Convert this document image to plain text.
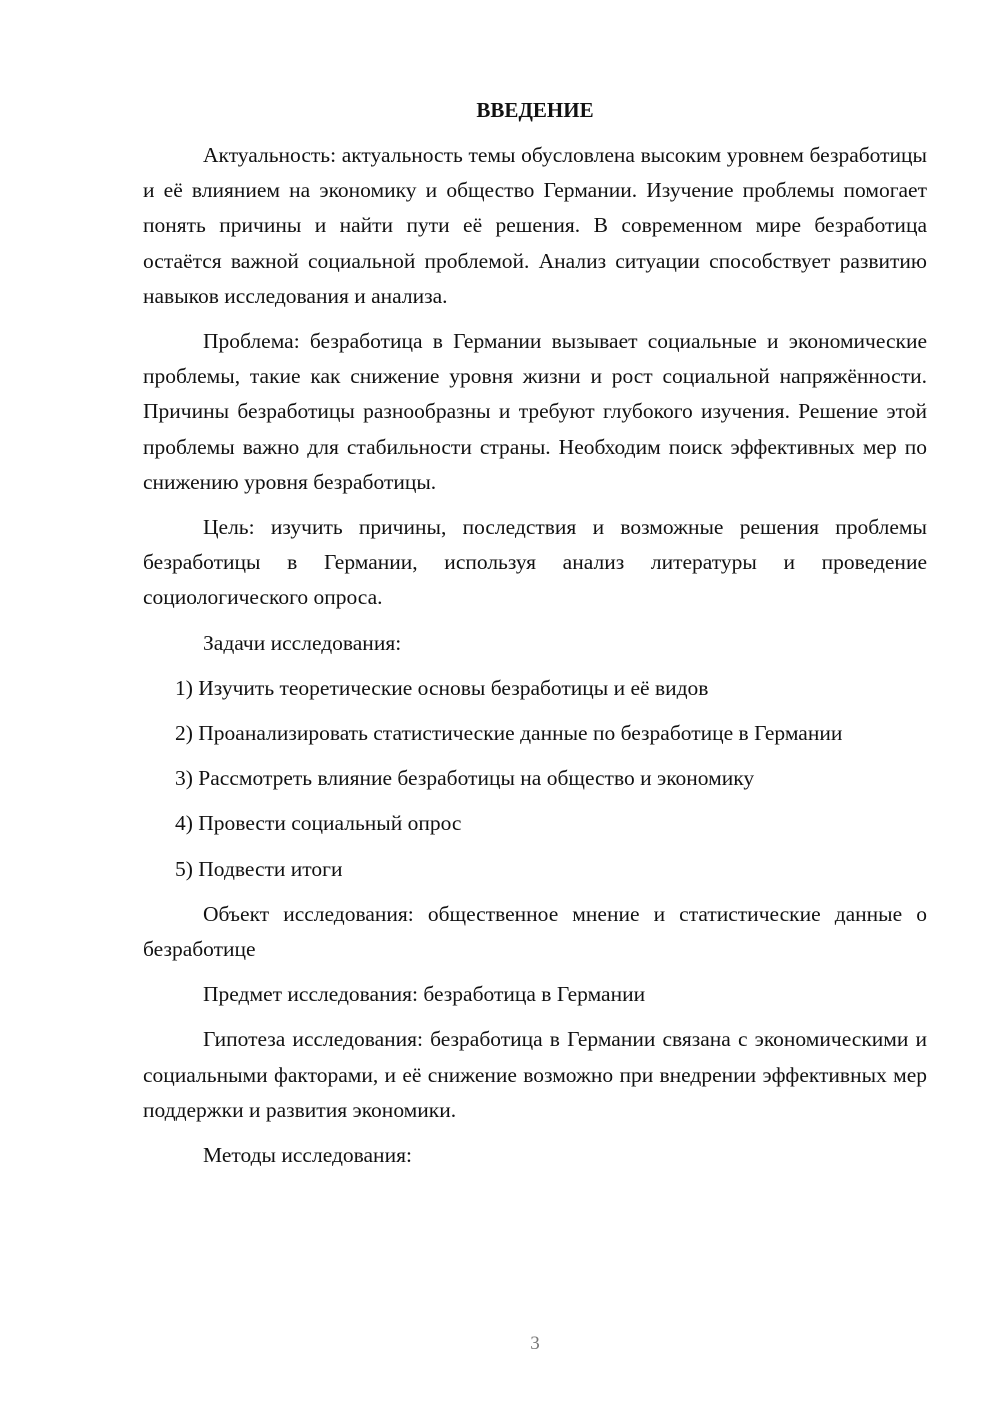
ВВЕДЕНИЕ

Актуальность: актуальность темы обусловлена высоким уровнем безработицы и её влиянием на экономику и общество Германии. Изучение проблемы помогает понять причины и найти пути её решения. В современном мире безработица остаётся важной социальной проблемой. Анализ ситуации способствует развитию навыков исследования и анализа.

Проблема: безработица в Германии вызывает социальные и экономические проблемы, такие как снижение уровня жизни и рост социальной напряжённости. Причины безработицы разнообразны и требуют глубокого изучения. Решение этой проблемы важно для стабильности страны. Необходим поиск эффективных мер по снижению уровня безработицы.

Цель: изучить причины, последствия и возможные решения проблемы безработицы в Германии, используя анализ литературы и проведение социологического опроса.

Задачи исследования:

1) Изучить теоретические основы безработицы и её видов

2) Проанализировать статистические данные по безработице в Германии

3) Рассмотреть влияние безработицы на общество и экономику

4) Провести социальный опрос

5) Подвести итоги

Объект исследования: общественное мнение и статистические данные о безработице

Предмет исследования: безработица в Германии

Гипотеза исследования: безработица в Германии связана с экономическими и социальными факторами, и её снижение возможно при внедрении эффективных мер поддержки и развития экономики.

Методы исследования:

3
